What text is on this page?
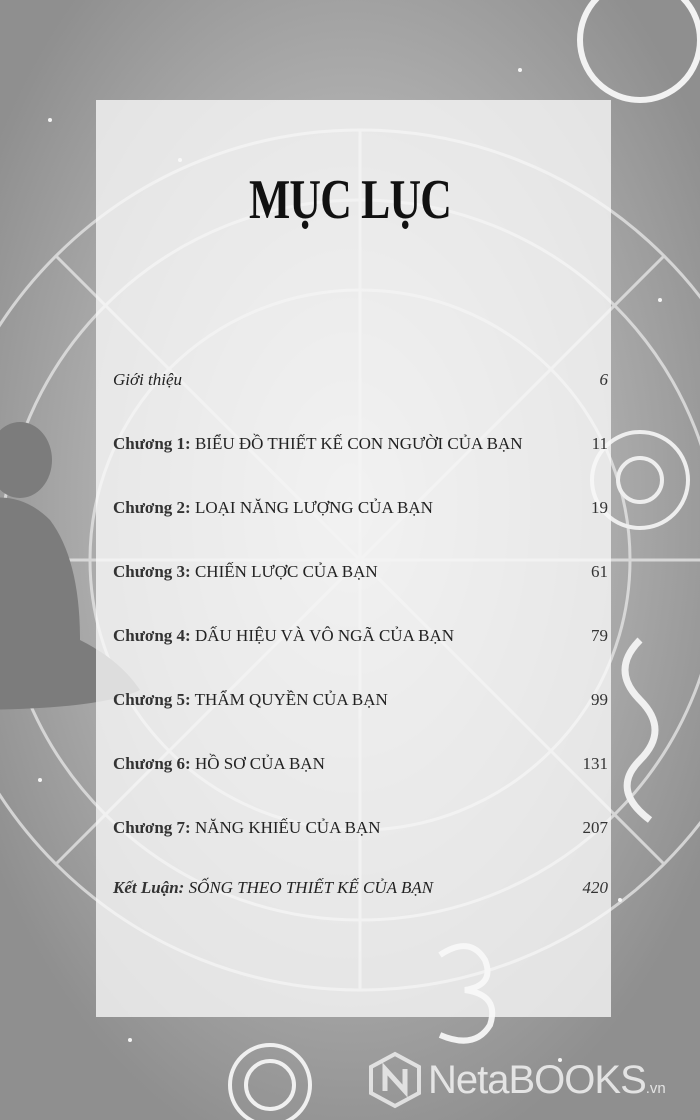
MỤC LỤC
Giới thiệu	6
Chương 1: BIỂU ĐỒ THIẾT KẾ CON NGƯỜI CỦA BẠN	11
Chương 2: LOẠI NĂNG LƯỢNG CỦA BẠN	19
Chương 3: CHIẾN LƯỢC CỦA BẠN	61
Chương 4: DẤU HIỆU VÀ VÔ NGÃ CỦA BẠN	79
Chương 5: THẨM QUYỀN CỦA BẠN	99
Chương 6: HỒ SƠ CỦA BẠN	131
Chương 7: NĂNG KHIẾU CỦA BẠN	207
Kết Luận: SỐNG THEO THIẾT KẾ CỦA BẠN	420
NetaBOOKS.vn
